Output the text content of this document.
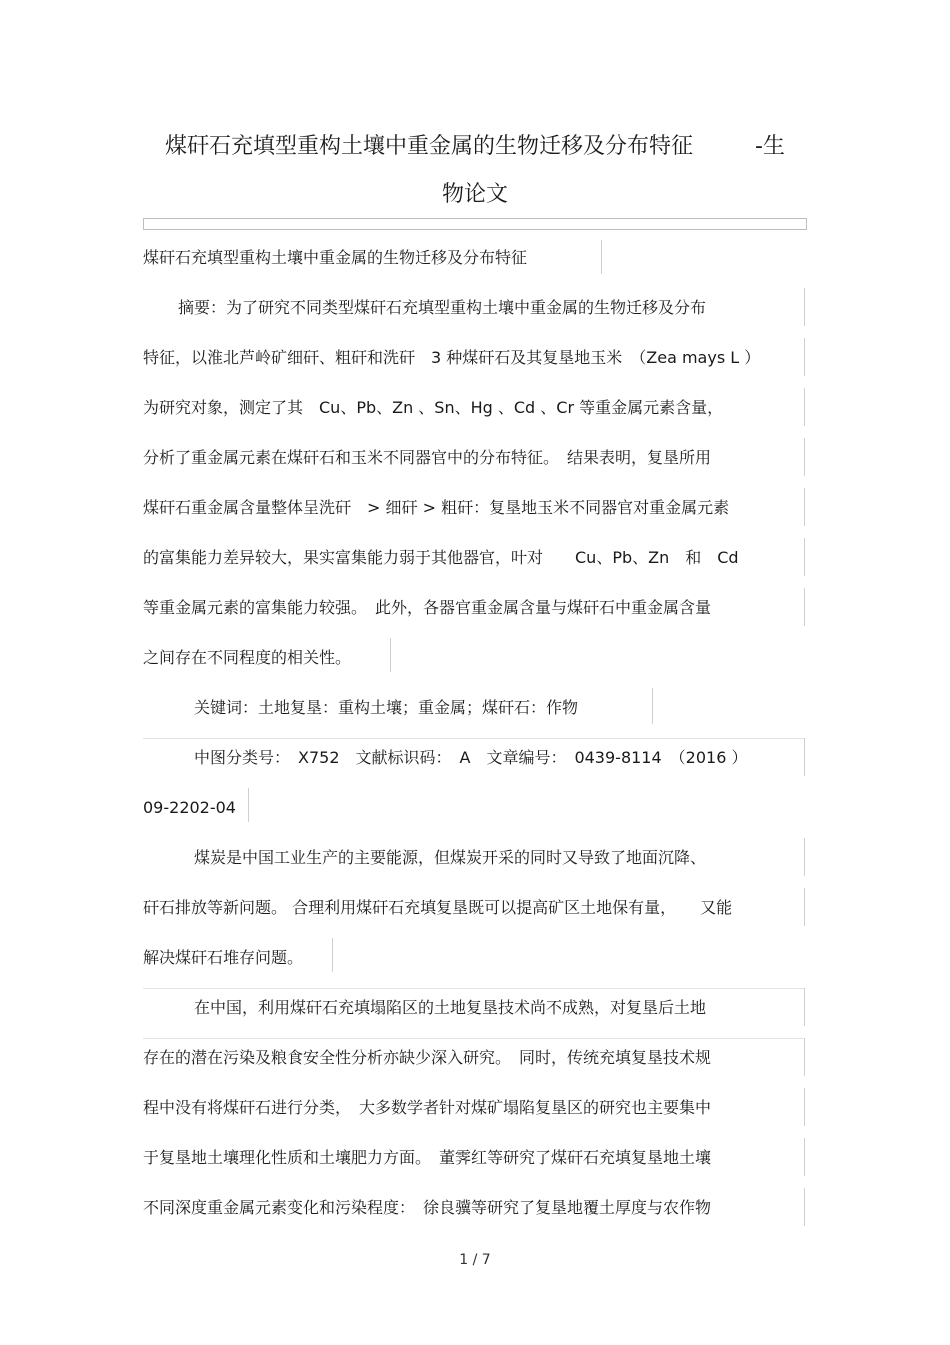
煤矸石充填型重构土壤中重金属的生物迁移及分布特征	-生
物论文
煤矸石充填型重构土壤中重金属的生物迁移及分布特征
摘要：为了研究不同类型煤矸石充填型重构土壤中重金属的生物迁移及分布
特征，以淮北芦岭矿细矸、粗矸和洗矸　3 种煤矸石及其复垦地玉米　（Zea mays L ）
为研究对象，测定了其　Cu、Pb、Zn 、Sn、Hg 、Cd 、Cr 等重金属元素含量，
分析了重金属元素在煤矸石和玉米不同器官中的分布特征。　结果表明，复垦所用
煤矸石重金属含量整体呈洗矸　> 细矸 > 粗矸：复垦地玉米不同器官对重金属元素
的富集能力差异较大，果实富集能力弱于其他器官，叶对　　Cu、Pb、Zn　和　Cd
等重金属元素的富集能力较强。　此外，各器官重金属含量与煤矸石中重金属含量
之间存在不同程度的相关性。
关键词：土地复垦：重构土壤；重金属；煤矸石：作物
中图分类号：　X752　文献标识码：　A　文章编号：　0439-8114　（2016 ）
09-2202-04
煤炭是中国工业生产的主要能源，但煤炭开采的同时又导致了地面沉降、
矸石排放等新问题。 合理利用煤矸石充填复垦既可以提高矿区土地保有量，　　又能
解决煤矸石堆存问题。
在中国，利用煤矸石充填塌陷区的土地复垦技术尚不成熟，对复垦后土地
存在的潜在污染及粮食安全性分析亦缺少深入研究。　同时，传统充填复垦技术规
程中没有将煤矸石进行分类，　大多数学者针对煤矿塌陷复垦区的研究也主要集中
于复垦地土壤理化性质和土壤肥力方面。　董霁红等研究了煤矸石充填复垦地土壤
不同深度重金属元素变化和污染程度：　徐良骥等研究了复垦地覆土厚度与农作物
1 / 7
